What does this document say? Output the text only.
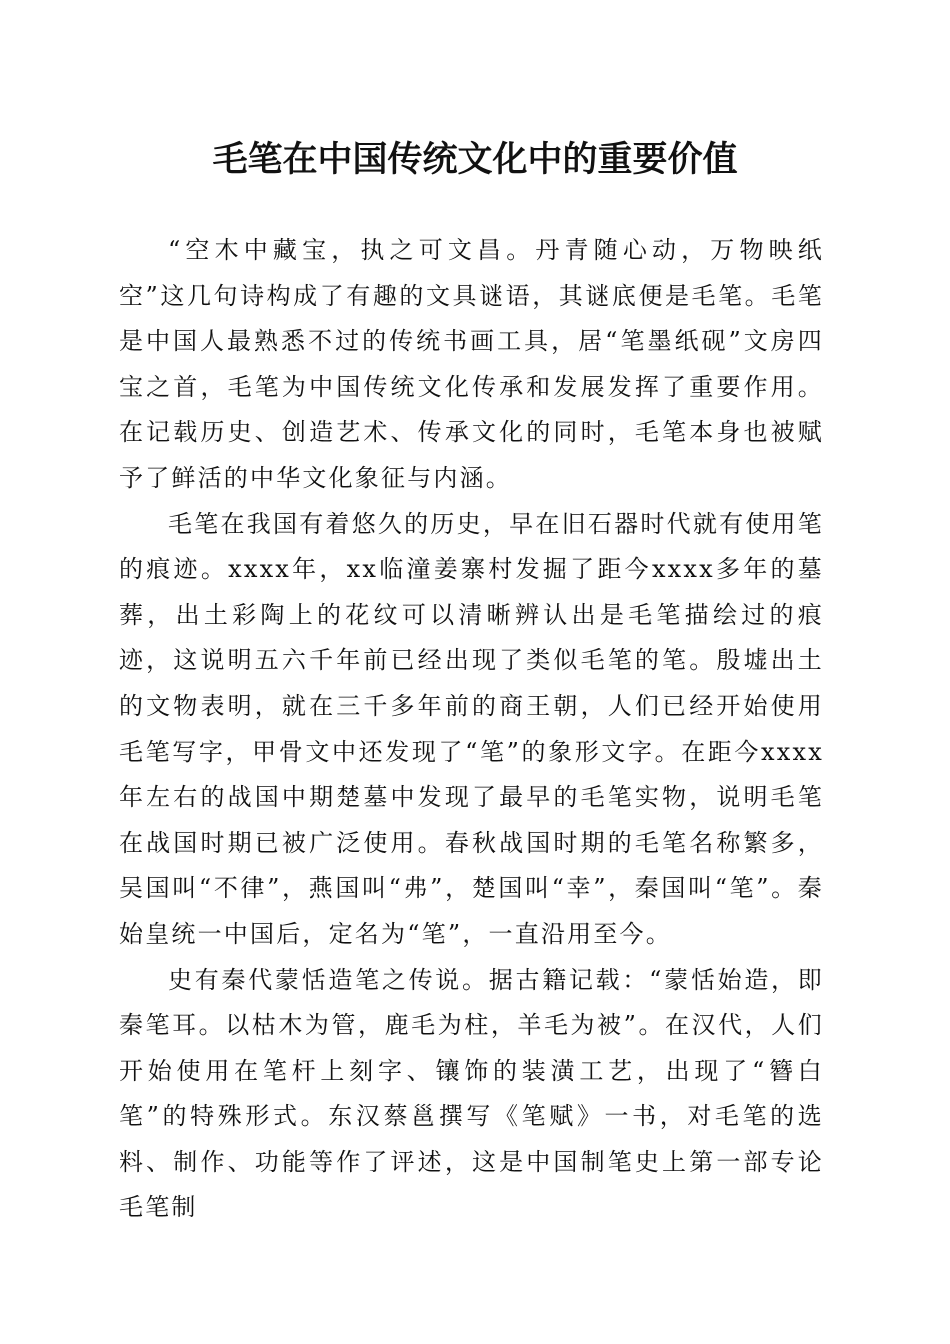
毛笔在中国传统文化中的重要价值

“空木中藏宝，执之可文昌。丹青随心动，万物映纸空”这几句诗构成了有趣的文具谜语，其谜底便是毛笔。毛笔是中国人最熟悉不过的传统书画工具，居“笔墨纸砚”文房四宝之首，毛笔为中国传统文化传承和发展发挥了重要作用。在记载历史、创造艺术、传承文化的同时，毛笔本身也被赋予了鲜活的中华文化象征与内涵。

毛笔在我国有着悠久的历史，早在旧石器时代就有使用笔的痕迹。xxxx年，xx临潼姜寨村发掘了距今xxxx多年的墓葬，出土彩陶上的花纹可以清晰辨认出是毛笔描绘过的痕迹，这说明五六千年前已经出现了类似毛笔的笔。殷墟出土的文物表明，就在三千多年前的商王朝，人们已经开始使用毛笔写字，甲骨文中还发现了“笔”的象形文字。在距今xxxx年左右的战国中期楚墓中发现了最早的毛笔实物，说明毛笔在战国时期已被广泛使用。春秋战国时期的毛笔名称繁多，吴国叫“不律”，燕国叫“弗”，楚国叫“幸”，秦国叫“笔”。秦始皇统一中国后，定名为“笔”，一直沿用至今。

史有秦代蒙恬造笔之传说。据古籍记载：“蒙恬始造，即秦笔耳。以枯木为管，鹿毛为柱，羊毛为被”。在汉代，人们开始使用在笔杆上刻字、镶饰的装潢工艺，出现了“簪白笔”的特殊形式。东汉蔡邕撰写《笔赋》一书，对毛笔的选料、制作、功能等作了评述，这是中国制笔史上第一部专论毛笔制
